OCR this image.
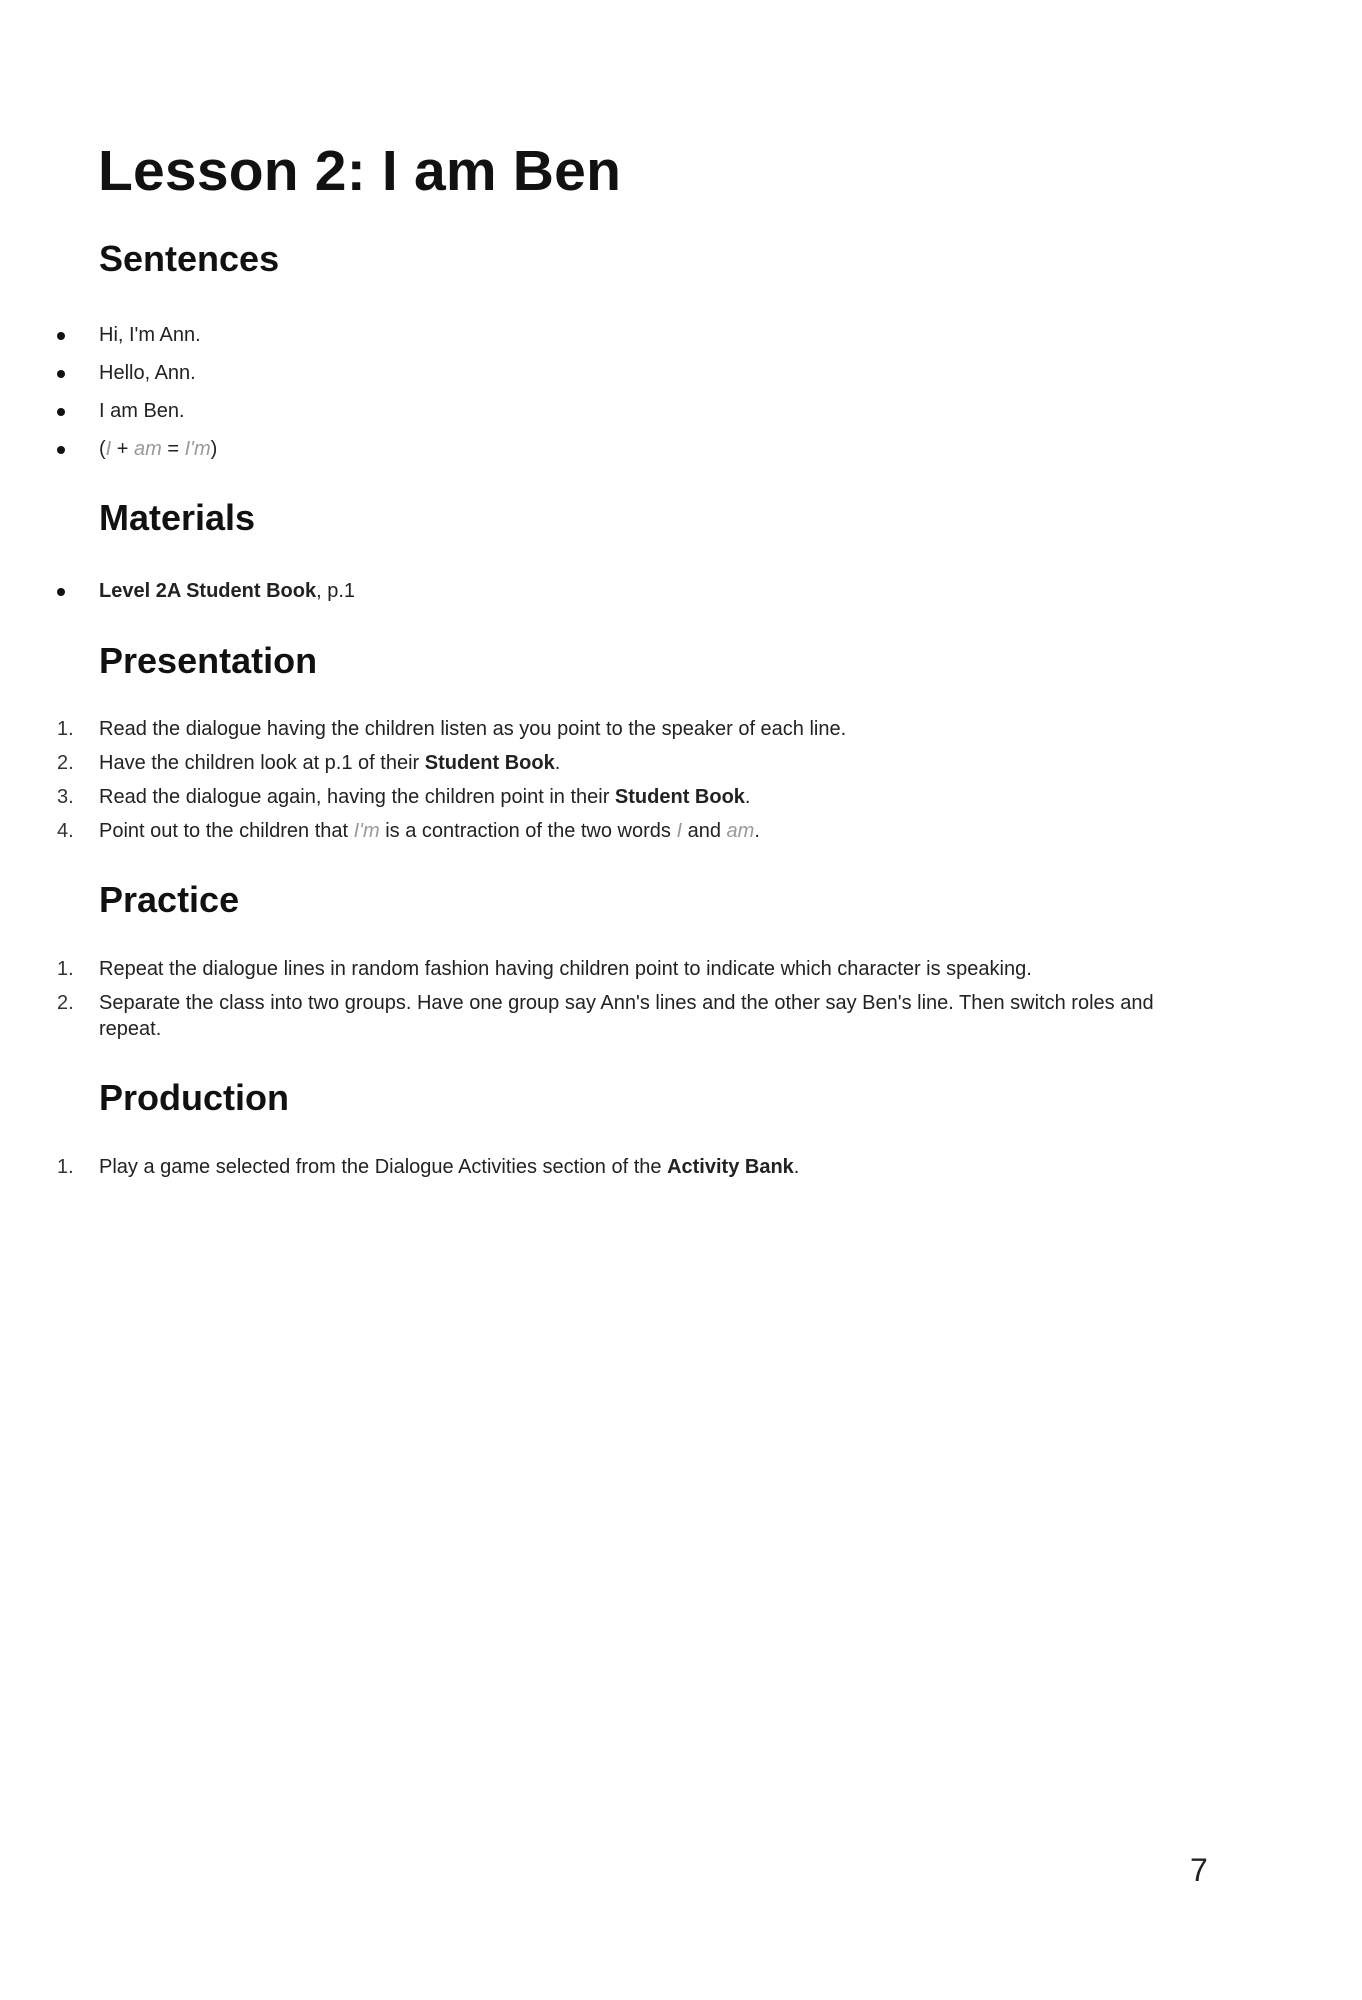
Lesson 2: I am Ben
Sentences
Hi, I'm Ann.
Hello, Ann.
I am Ben.
(I + am = I'm)
Materials
Level 2A Student Book, p.1
Presentation
1.	Read the dialogue having the children listen as you point to the speaker of each line.
2.	Have the children look at p.1 of their Student Book.
3.	Read the dialogue again, having the children point in their Student Book.
4.	Point out to the children that I'm is a contraction of the two words I and am.
Practice
1.	Repeat the dialogue lines in random fashion having children point to indicate which character is speaking.
2.	Separate the class into two groups. Have one group say Ann's lines and the other say Ben's line. Then switch roles and repeat.
Production
1.	Play a game selected from the Dialogue Activities section of the Activity Bank.
7
